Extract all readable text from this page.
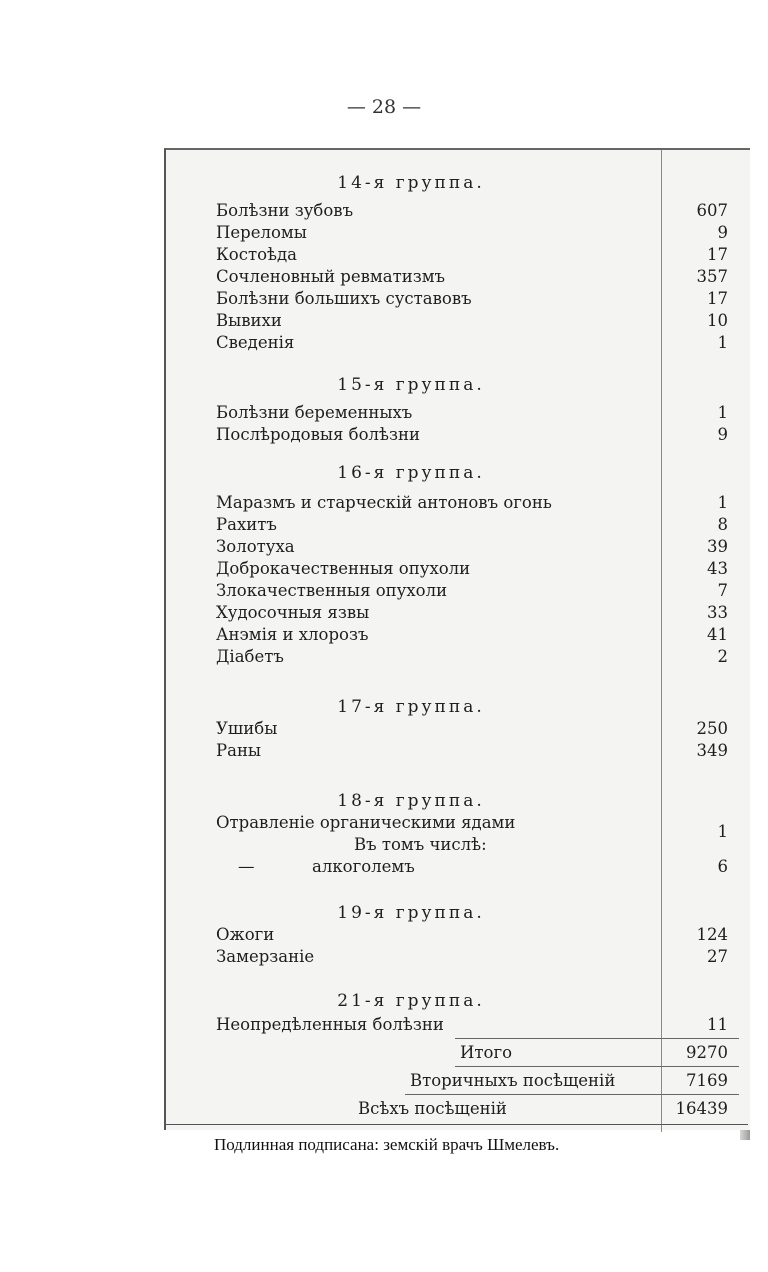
— 28 —
14-я группа.
Болѣзни зубовъ	607
Переломы	9
Костоѣда	17
Сочленовный ревматизмъ	357
Болѣзни большихъ суставовъ	17
Вывихи	10
Сведенія	1
15-я группа.
Болѣзни беременныхъ	1
Послѣродовыя болѣзни	9
16-я группа.
Маразмъ и старческій антоновъ огонь	1
Рахитъ	8
Золотуха	39
Доброкачественныя опухоли	43
Злокачественныя опухоли	7
Худосочныя язвы	33
Анэмія и хлорозъ	41
Діабетъ	2
17-я группа.
Ушибы	250
Раны	349
18-я группа.
Отравленіе органическими ядами	1
Въ томъ числѣ:
—	алкоголемъ	6
19-я группа.
Ожоги	124
Замерзаніе	27
21-я группа.
Неопредѣленныя болѣзни	11
Итого	9270
Вторичныхъ посѣщеній	7169
Всѣхъ посѣщеній	16439
Подлинная подписана: земскій врачъ Шмелевъ.
